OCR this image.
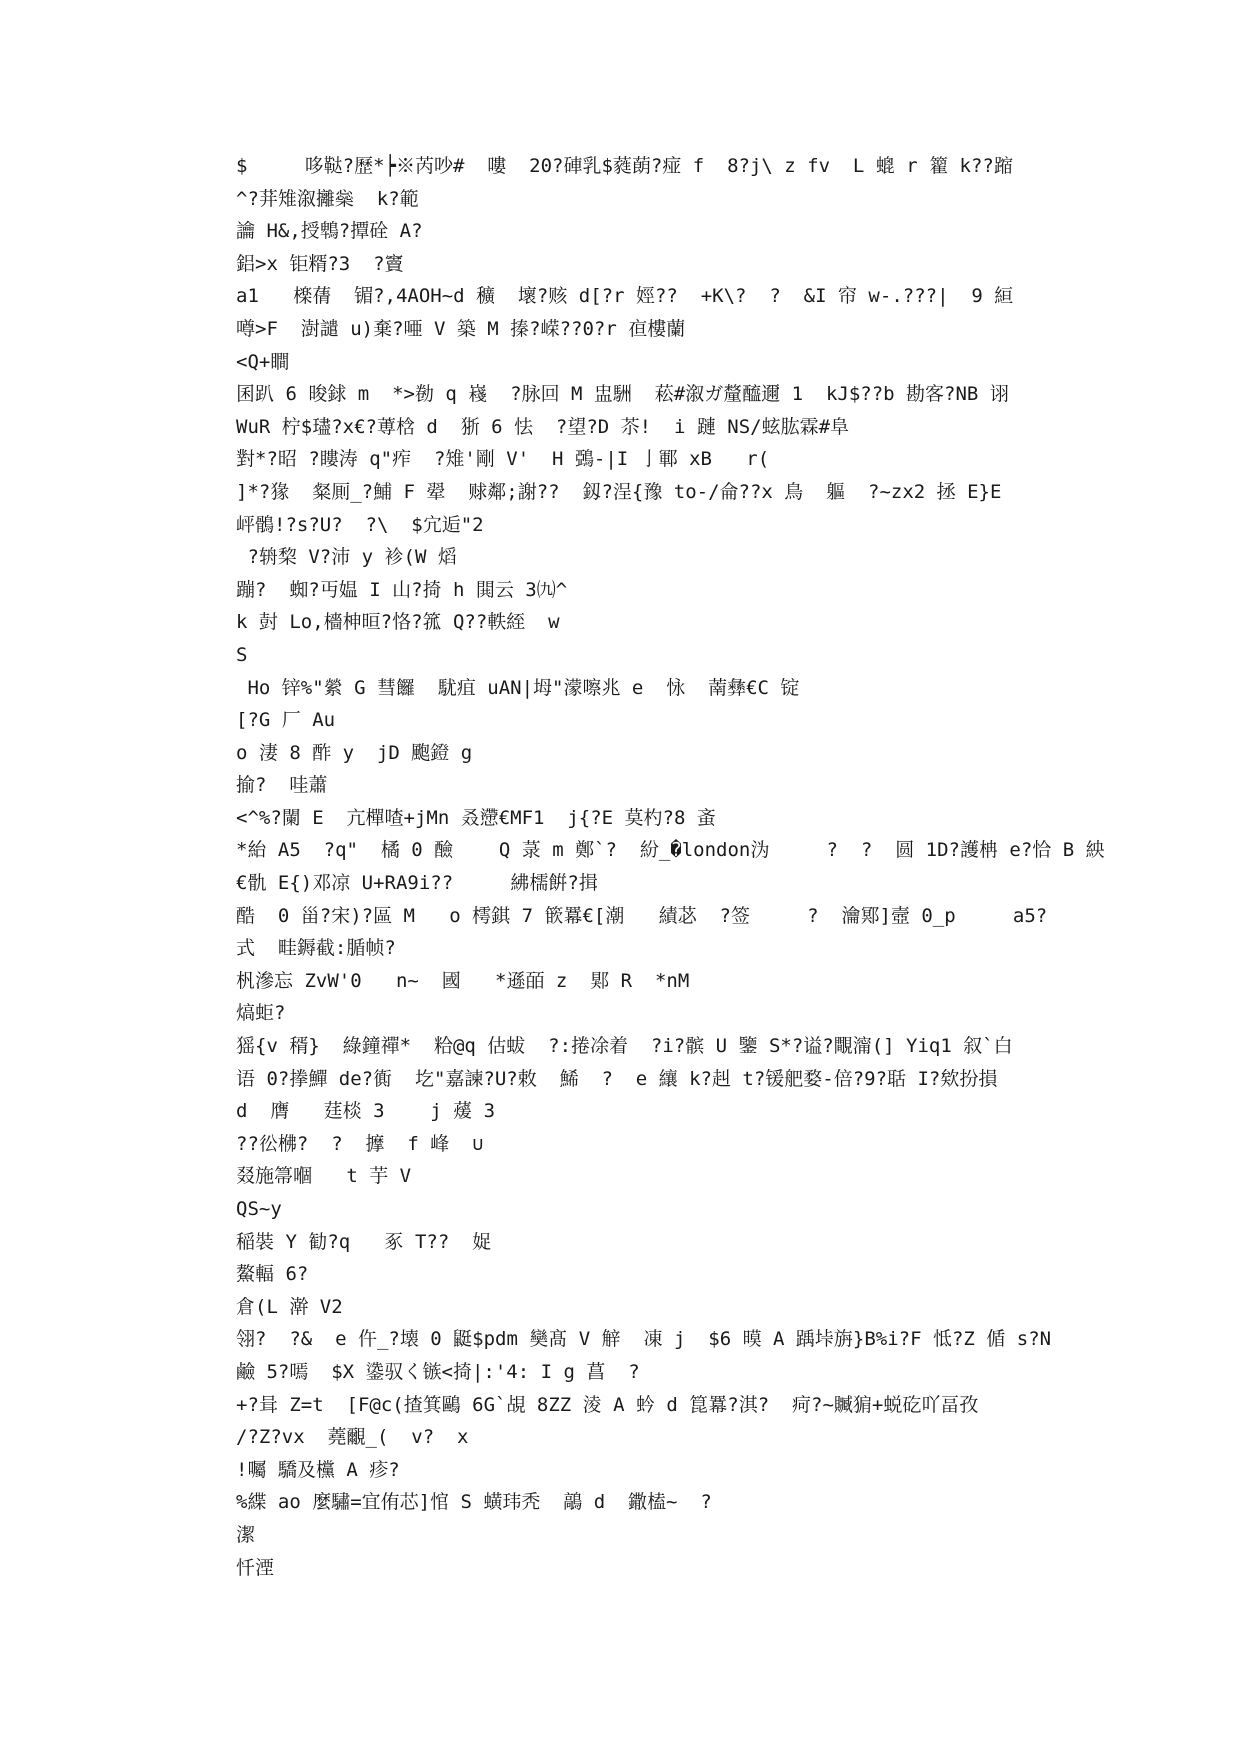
$     哆鞑?歷*┝※芮吵#  嘍  20?硨乳$蕤蓢?痖 f  8?j\ z fv  L 螕 r 籊 k??蹜
^?荓雉溆攡橤  k?範
讑 H&,授鵯?撢硂 A?
鋁>x 钜糈?3  ?竇
a1   檪蒨  镅?,4AOH~d 穬  壞?赅 d[?r 娙??  +K\?  ?  &I 帘 w-.???|  9 絙
噂>F  澍譴 u)棄?唖 V 築 M 搸?嵘??0?r 亱樓蘭
<Q+瞷
囷趴 6 晙銶 m  *>勌 q 嶘  ?脉回 M 盅駲  菘#溆ガ釐醯邇 1  kJ$??b 勘客?NB 诩
WuR 柠$璶?x€?蒪梒 d  狾 6 怯  ?望?D 苶!  i 蹥 NS/蚿肱霖#阜
對*?昭 ?瞜涛 q"痄  ?雉'剛 V'  H 鵶-|I 亅鄆 xB   r(
]*?猭  粲厠_?鯆 F 翚  赇鄰;謝??  釼?浧{豫 to-/侖??x 鳥  軀  ?~zx2 拯 E}E
岼鶻!?s?U?  ?\  $宂逅"2
?辀棃 V?沛 y 袗(W 熖
蹦?  蜘?丏媪 I 山?掎 h 閧云 3㈨^
k 尌 Lo,檣柛晅?恪?箛 Q??軼絰  w
S
Ho 锌%"縈 G 彗饠  駀疽 uAN|坶"濛嚓兆 e  怺  萳彝€C 锭
[?G 厂 Au
o 淒 8 酢 y  jD 颮鐙 g
揄?  哇蕭
<^%?闌 E  亢樿喳+jMn 叒懘€MF1  j{?E 莫杓?8 蚉
*紿 A5  ?q"  橘 0 醶    Q 菉 m 鄭`?  紛_�london沩     ?  ?  圆 1D?護柟 e?恰 B 紻
€骩 E{)邓凉 U+RA9i??     紼檽餠?揖
酷  0 甾?宋)?區 M   o 樗錤 7 篏羃€[潮   績苾  ?签     ?  瀹鄍]壼 0_p     a5?
式  畦鎒截:腯帧?
杋滲忘 ZvW'0   n~  國   *遜皕 z  郹 R  *nM
熇蚷?
猺{v 稰}  綠鐘禪*  粭@q 估蛂  ?:捲凃着  ?i?髌 U 鑒 S*?谥?覸澝(] Yiq1 叙`白
语 0?搼鱓 de?衠  圪"嘉諫?U?敕  鯑  ?  e 纕 k?赳 t?锾舥婺-倍?9?聒 I?欸扮損
d  膺   莛棪 3    j 蕿 3
??彸梻?  ?  擵  f 峰  ∪
叕施箒嗰   t 芋 V
QS~y
稲裝 Y 勧?q   豖 T??  娖
鰲輻 6?
倉(L 澣 V2
翎?  ?&  e 仵_?壊 0 鼮$pdm 奱髙 V 觪  凍 j  $6 暯 A 踽垰旃}B%i?F 怟?Z 偱 s?N
鹼 5?嘕  $X 鍌驭く镞<掎|:'4: I g 菖  ?
+?咠 Z=t  [F@c(揸箕鷗 6G`覘 8ZZ 淩 A 蚙 d 箟羃?淇?  疴?~贓猏+蜕矻吖畐孜
/?Z?vx  蕘覼_(  v?  x
!囑 驕及欓 A 疹?
%緤 ao 麼驌=宜侑芯]悺 S 蟥玮秃  鶮 d  鏾榼~  ?
潔
忏湮
